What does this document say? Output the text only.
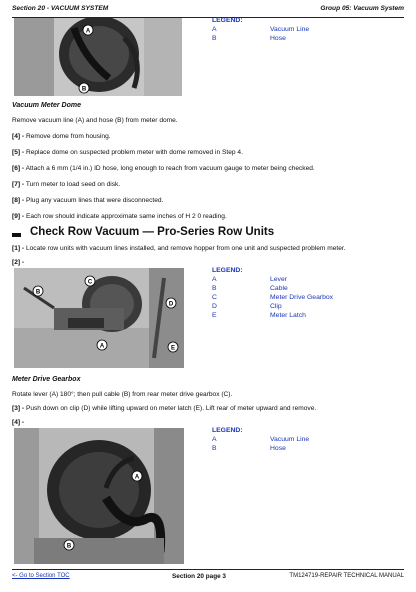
Section 20 - VACUUM SYSTEM	Group 05: Vacuum System
A
B
LEGEND:
A	Vacuum Line
B	Hose
Vacuum Meter Dome
Remove vacuum line (A) and hose (B) from meter dome.
[4] - Remove dome from housing.
[5] - Replace dome on suspected problem meter with dome removed in Step 4.
[6] - Attach a 6 mm (1/4 in.) ID hose, long enough to reach from vacuum gauge to meter being checked.
[7] - Turn meter to load seed on disk.
[8] - Plug any vacuum lines that were disconnected.
[9] - Each row should indicate approximate same inches of H 2 0 reading.
Check Row Vacuum — Pro-Series Row Units
[1] - Locate row units with vacuum lines installed, and remove hopper from one unit and suspected problem meter.
[2] -
B
C
D
A	E
LEGEND:
A	Lever
B	Cable
C	Meter Drive Gearbox
D	Clip
E	Meter Latch
Meter Drive Gearbox
Rotate lever (A) 180°; then pull cable (B) from rear meter drive gearbox (C).
[3] - Push down on clip (D) while lifting upward on meter latch (E). Lift rear of meter upward and remove.
[4] -
A
B
LEGEND:
A	Vacuum Line
B	Hose
<- Go to Section TOC	Section 20 page 3	TM124719-REPAIR TECHNICAL MANUAL
